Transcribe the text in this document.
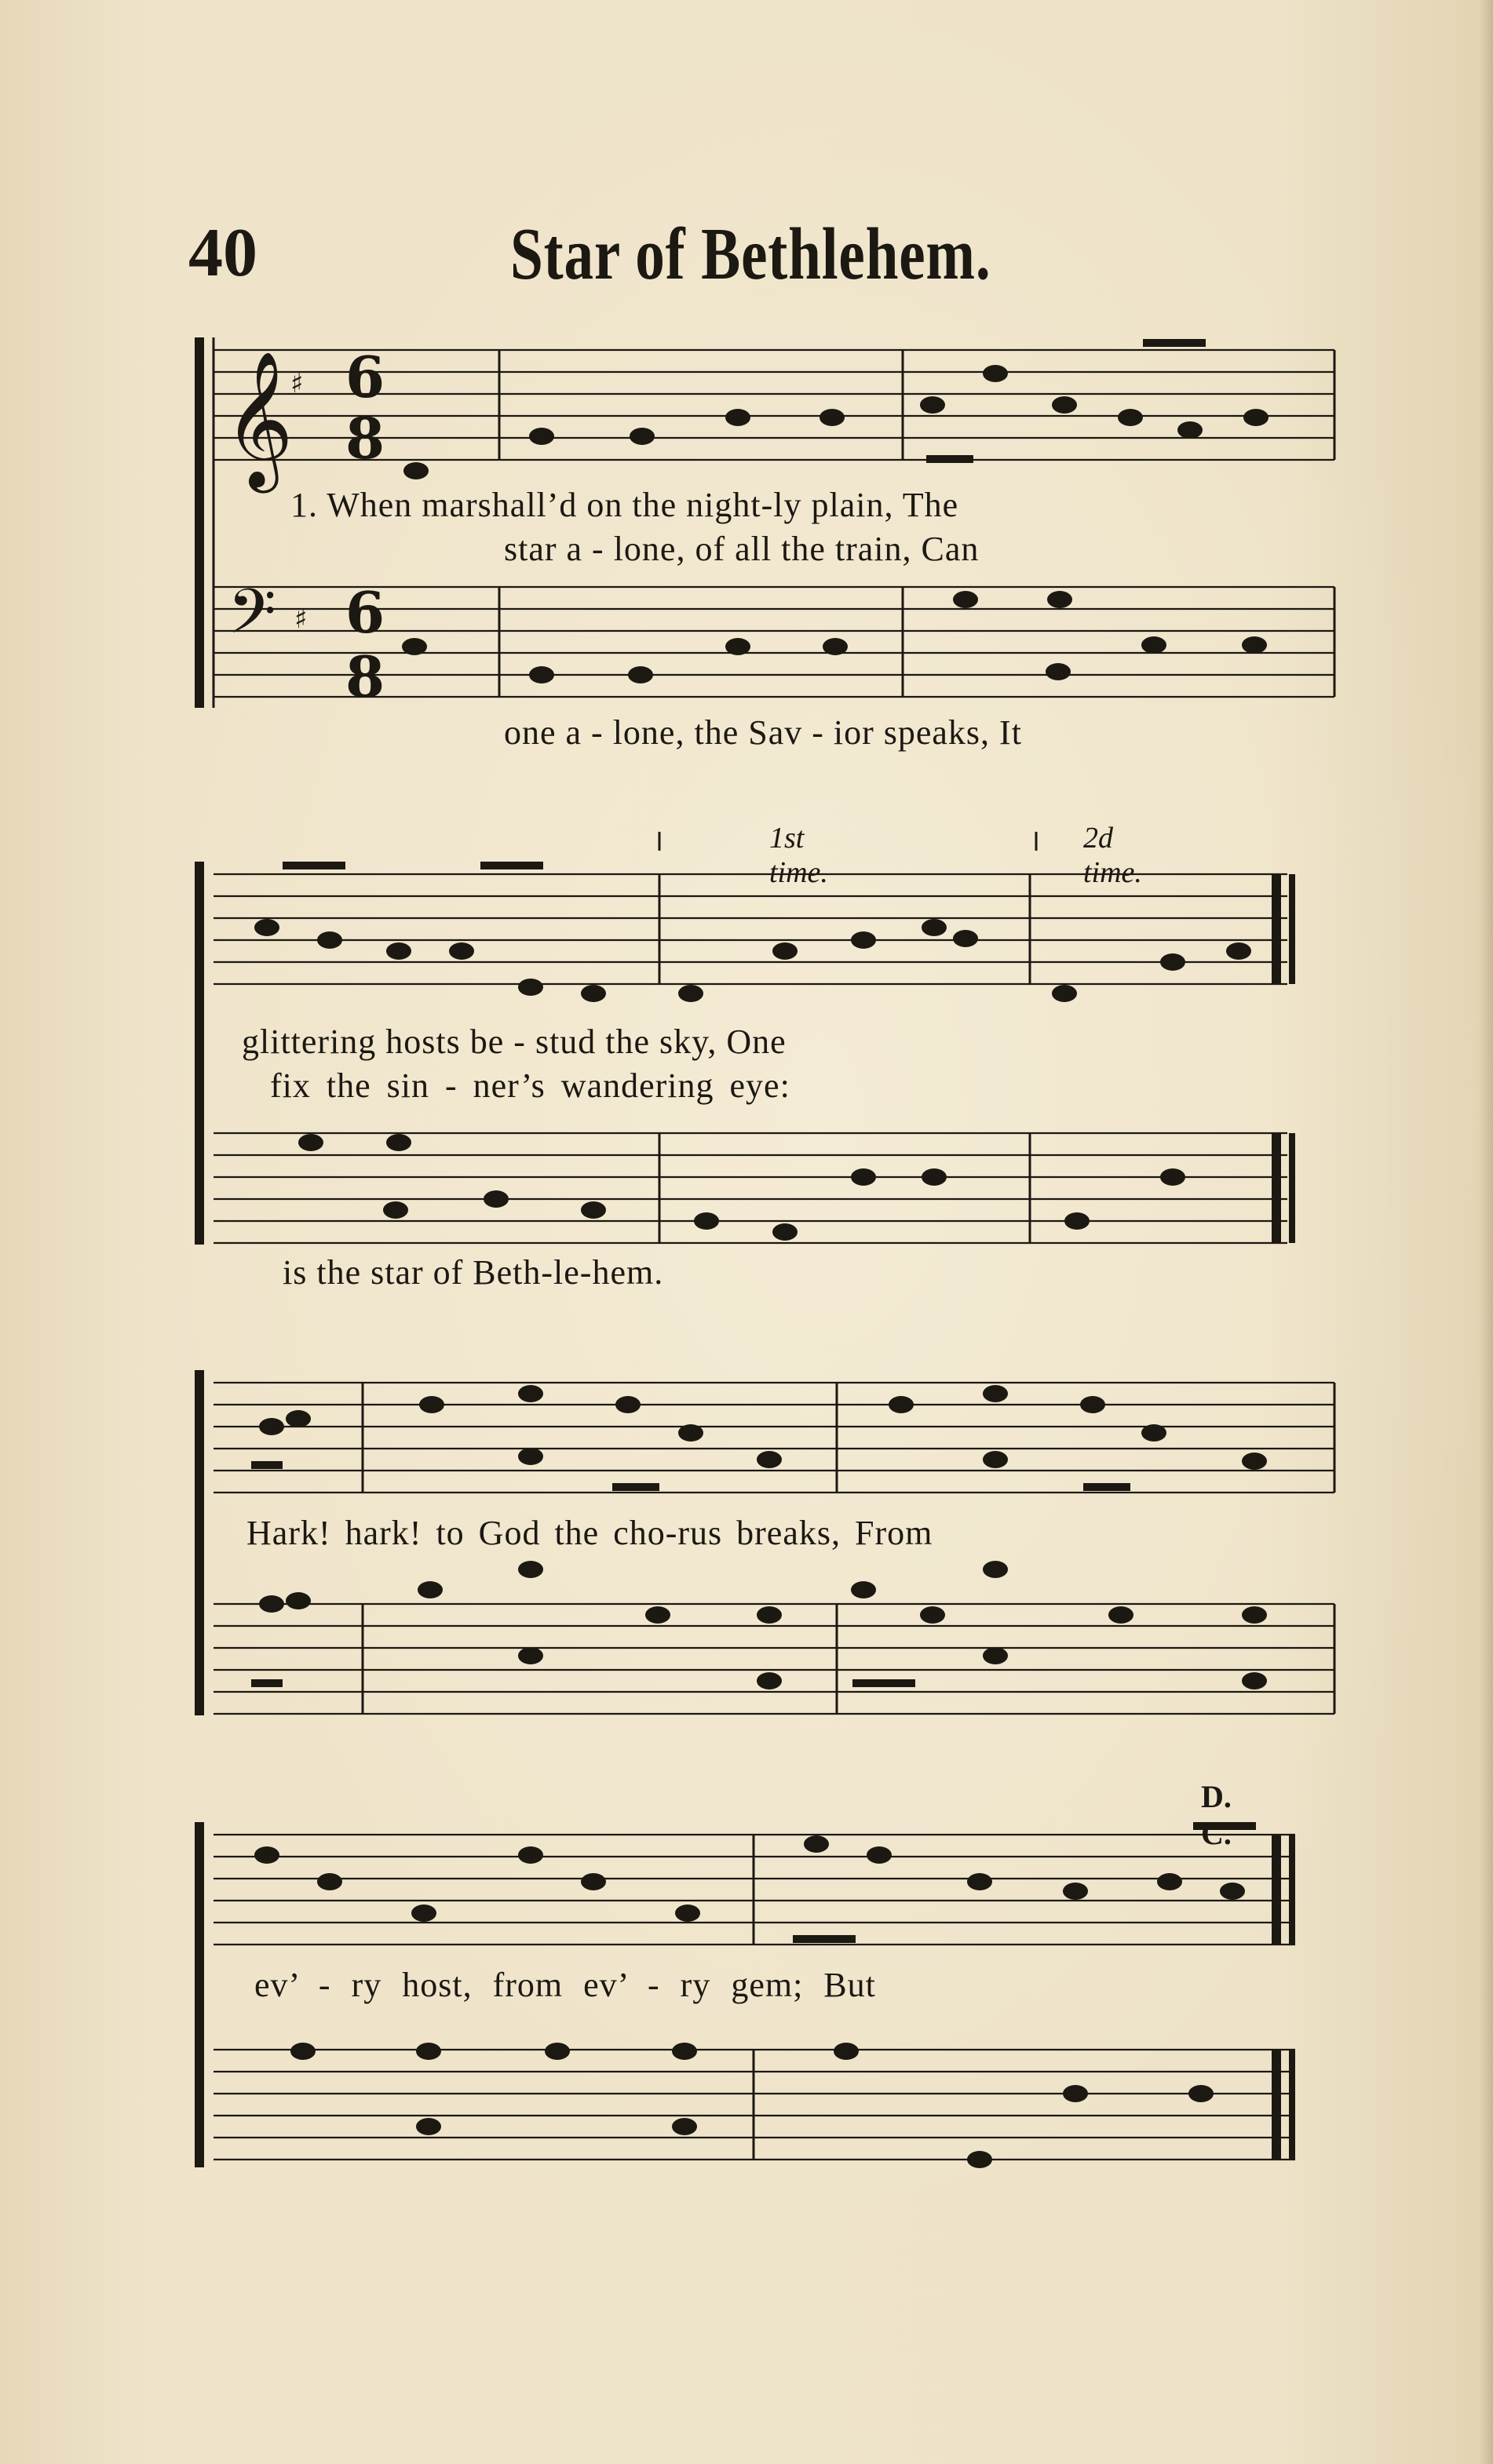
40	Star of Bethlehem.
𝄞
𝄢
♯
♯
6
8
6
8
1. When marshall’d on the night-ly plain, The
star a - lone, of all the train, Can
one a - lone, the Sav - ior speaks, It
1st time.
2d time.
glittering hosts be - stud the sky, One
fix the sin - ner’s wandering eye:
is the star of Beth-le-hem.
Hark! hark! to God the cho-rus breaks, From
D. C.
ev’ - ry host, from ev’ - ry gem; But
